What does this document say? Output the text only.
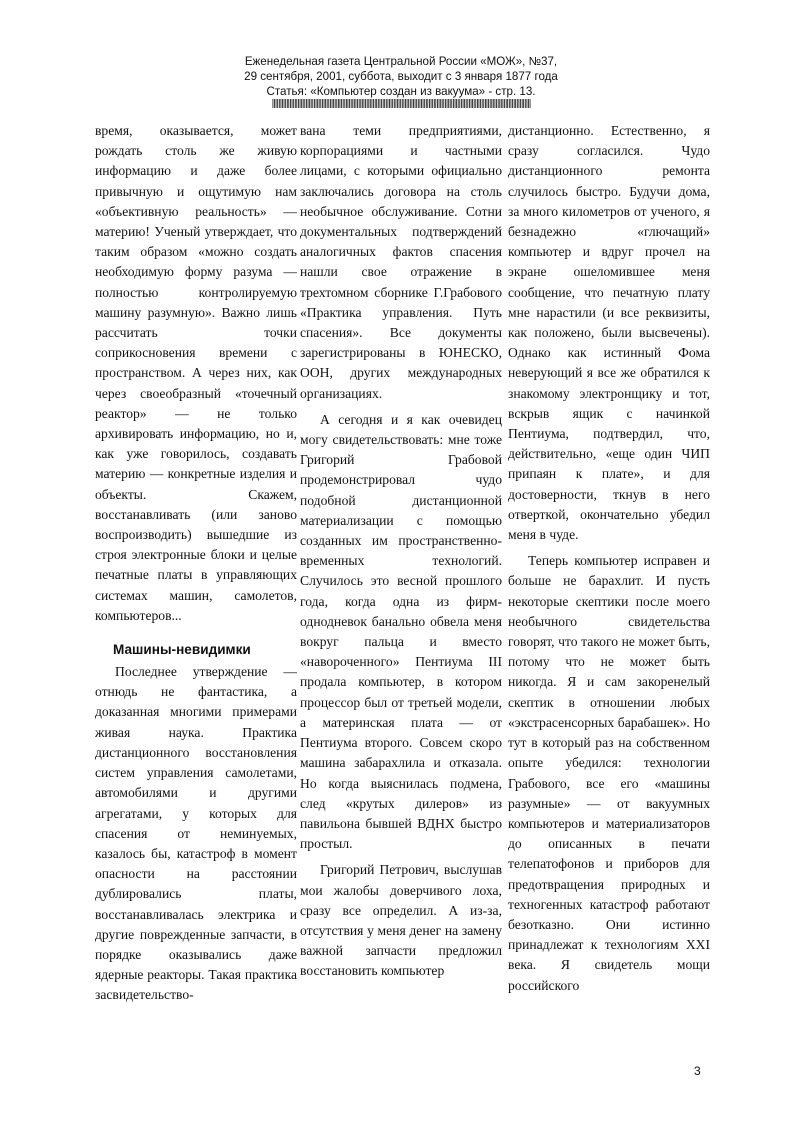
Еженедельная газета Центральной России «МОЖ», №37,
29 сентября, 2001, суббота, выходит с 3 января 1877 года
Статья: «Компьютер создан из вакуума» - стр. 13.
||||||||||||||||||||||||||||||||||||||||||||||||||||||||||||||||||||||||||||||||||||||||||||||||||||||||||||||||||||||||||||||||||||||||||||||||||||||||||||||||||

время, оказывается, может рождать столь же живую информацию и даже более привычную и ощутимую нам «объективную реальность» — материю! Ученый утверждает, что таким образом «можно создать необходимую форму разума — полностью контролируемую машину разумную». Важно лишь рассчитать точки соприкосновения времени с пространством. А через них, как через своеобразный «точечный реактор» — не только архивировать информацию, но и, как уже говорилось, создавать материю — конкретные изделия и объекты. Скажем, восстанавливать (или заново воспроизводить) вышедшие из строя электронные блоки и целые печатные платы в управляющих системах машин, самолетов, компьютеров...

Машины-невидимки

Последнее утверждение — отнюдь не фантастика, а доказанная многими примерами живая наука. Практика дистанционного восстановления систем управления самолетами, автомобилями и другими агрегатами, у которых для спасения от неминуемых, казалось бы, катастроф в момент опасности на расстоянии дублировались платы, восстанавливалась электрика и другие поврежденные запчасти, в порядке оказывались даже ядерные реакторы. Такая практика засвидетельство-

вана теми предприятиями, корпорациями и частными лицами, с которыми официально заключались договора на столь необычное обслуживание. Сотни документальных подтверждений аналогичных фактов спасения нашли свое отражение в трехтомном сборнике Г.Грабового «Практика управления. Путь спасения». Все документы зарегистрированы в ЮНЕСКО, ООН, других международных организациях.

А сегодня и я как очевидец могу свидетельствовать: мне тоже Григорий Грабовой продемонстрировал чудо подобной дистанционной материализации с помощью созданных им пространственно-временных технологий. Случилось это весной прошлого года, когда одна из фирм-однодневок банально обвела меня вокруг пальца и вместо «навороченного» Пентиума III продала компьютер, в котором процессор был от третьей модели, а материнская плата — от Пентиума второго. Совсем скоро машина забарахлила и отказала. Но когда выяснилась подмена, след «крутых дилеров» из павильона бывшей ВДНХ быстро простыл.

Григорий Петрович, выслушав мои жалобы доверчивого лоха, сразу все определил. А из-за, отсутствия у меня денег на замену важной запчасти предложил восстановить компьютер

дистанционно. Естественно, я сразу согласился. Чудо дистанционного ремонта случилось быстро. Будучи дома, за много километров от ученого, я безнадежно «глючащий» компьютер и вдруг прочел на экране ошеломившее меня сообщение, что печатную плату мне нарастили (и все реквизиты, как положено, были высвечены). Однако как истинный Фома неверующий я все же обратился к знакомому электронщику и тот, вскрыв ящик с начинкой Пентиума, подтвердил, что, действительно, «еще один ЧИП припаян к плате», и для достоверности, ткнув в него отверткой, окончательно убедил меня в чуде.

Теперь компьютер исправен и больше не барахлит. И пусть некоторые скептики после моего необычного свидетельства говорят, что такого не может быть, потому что не может быть никогда. Я и сам закоренелый скептик в отношении любых «экстрасенсорных барабашек». Но тут в который раз на собственном опыте убедился: технологии Грабового, все его «машины разумные» — от вакуумных компьютеров и материализаторов до описанных в печати телепатофонов и приборов для предотвращения природных и техногенных катастроф работают безотказно. Они истинно принадлежат к технологиям XXI века. Я свидетель мощи российского

3
